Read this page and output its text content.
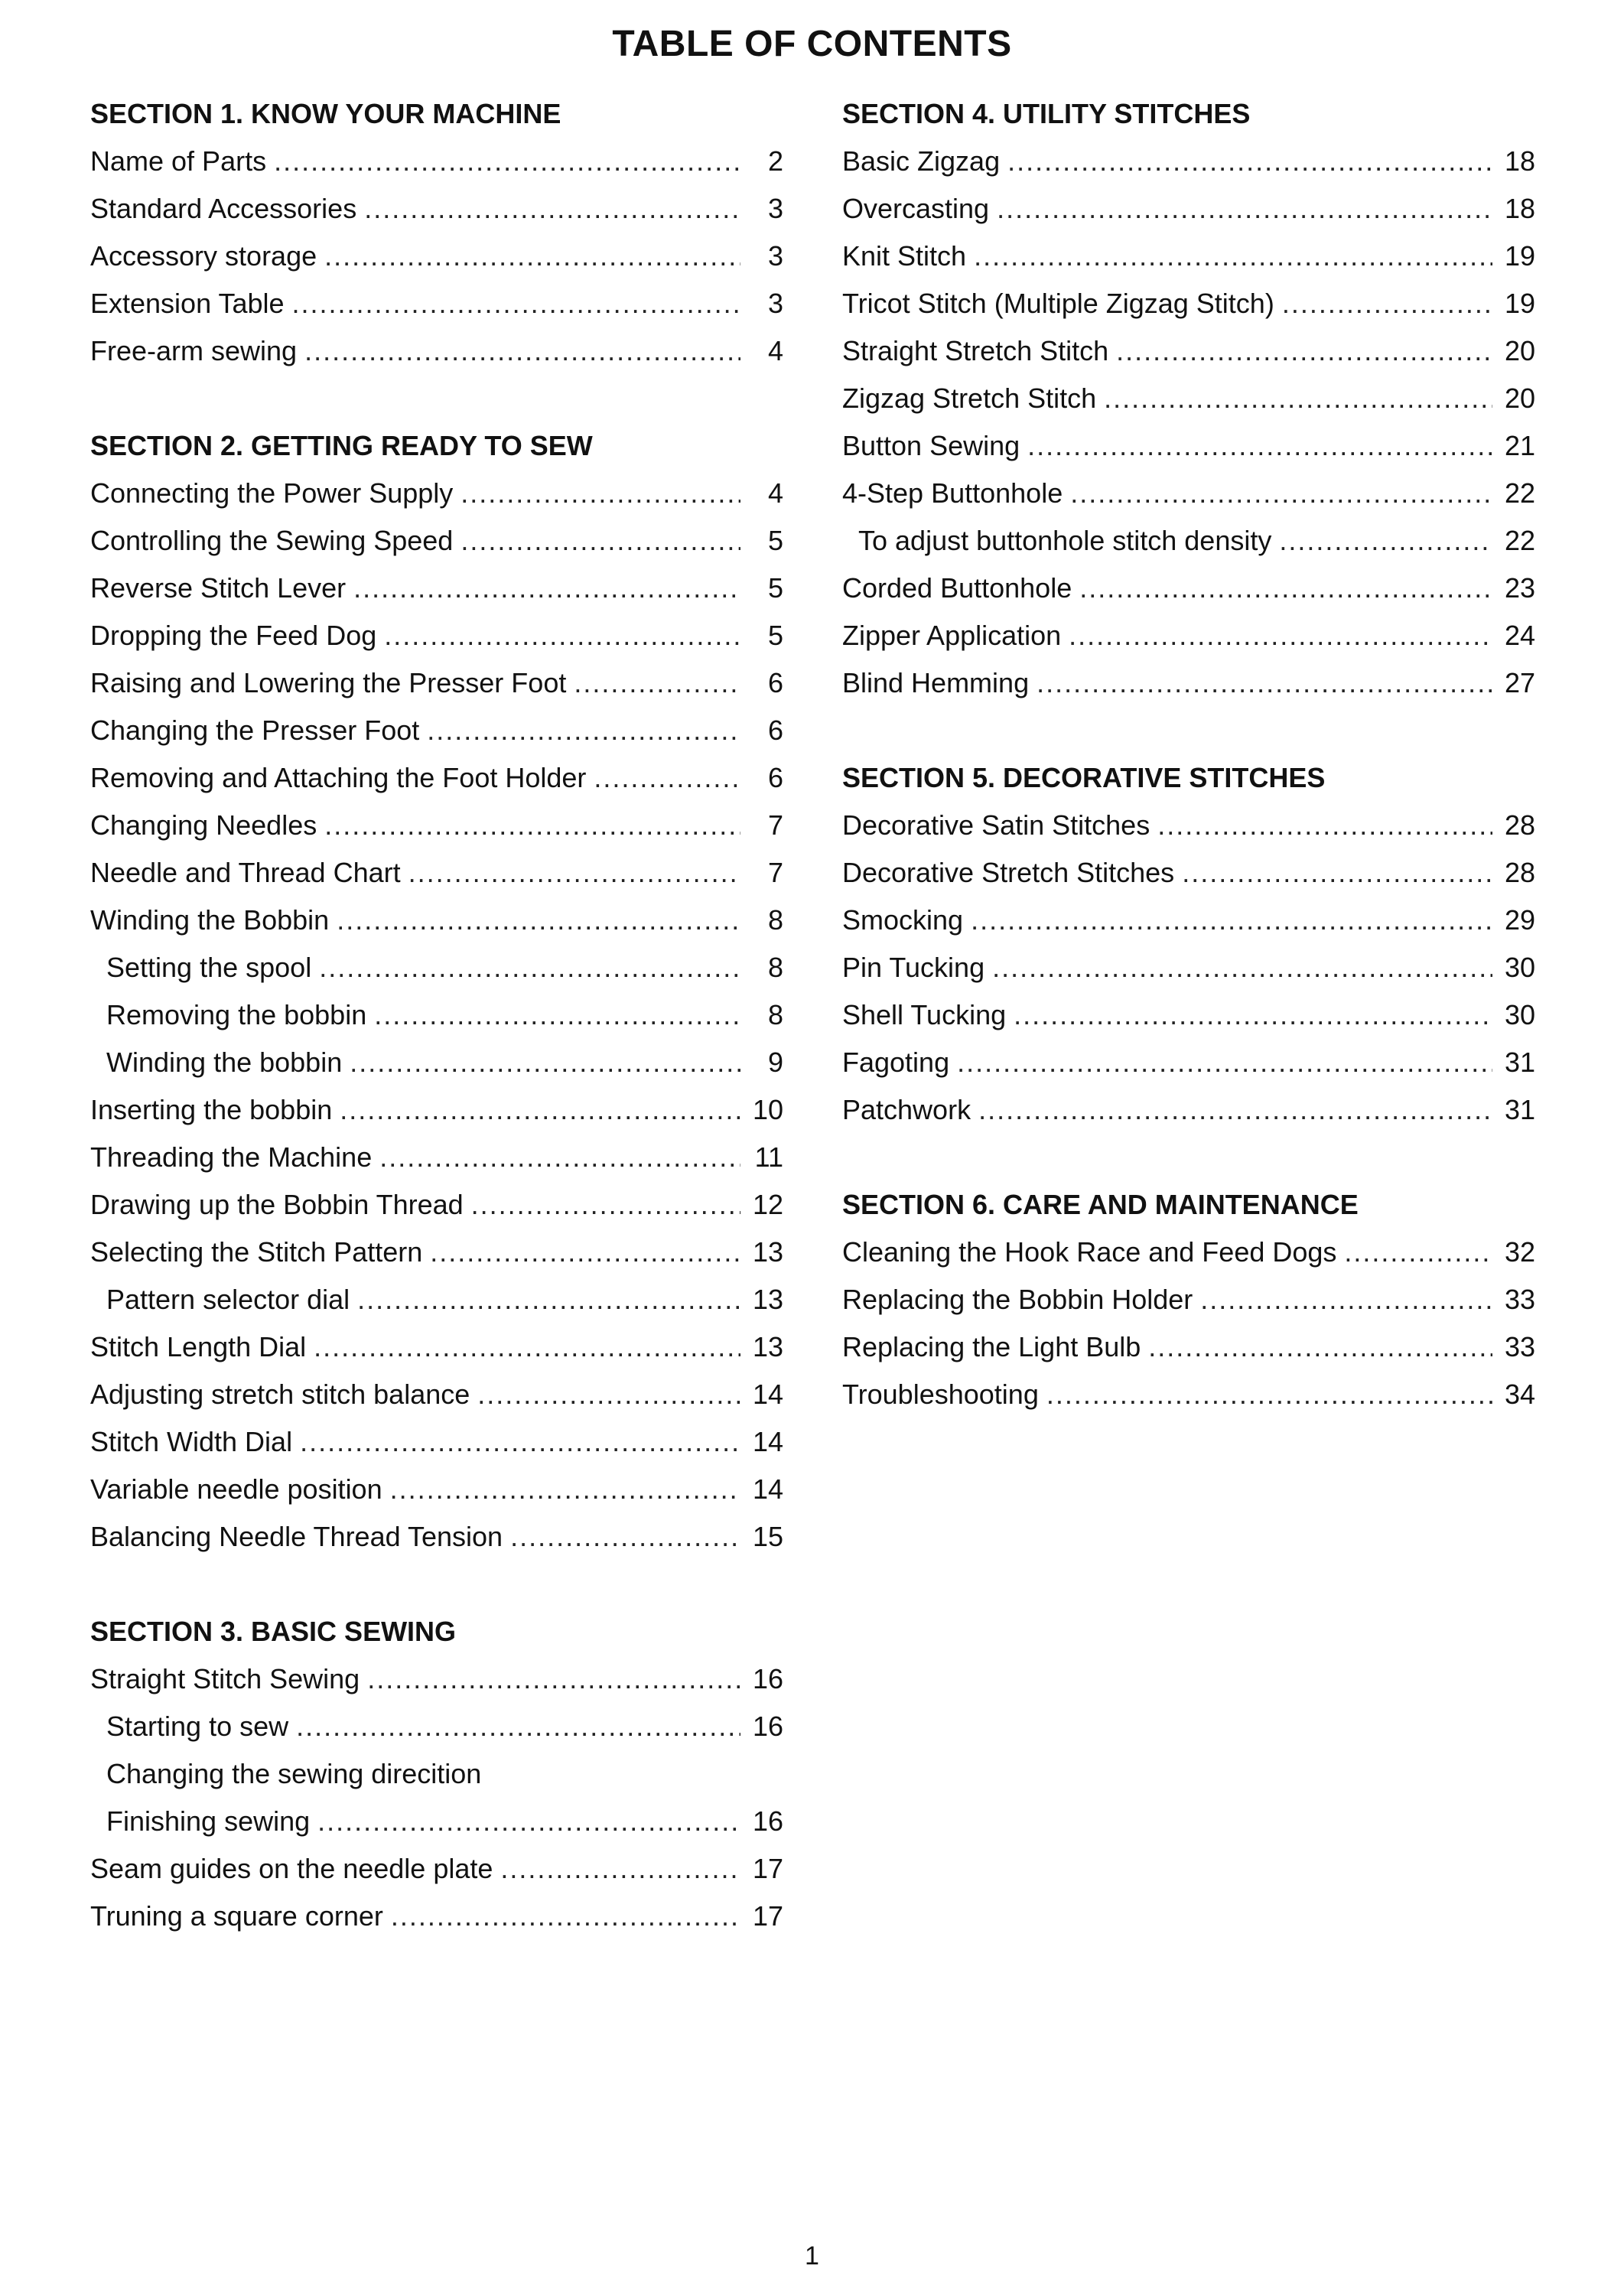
TABLE OF CONTENTS
SECTION 1. KNOW YOUR MACHINE
Name of Parts .....	2
Standard Accessories .....	3
Accessory storage .....	3
Extension Table .....	3
Free-arm sewing .....	4
SECTION 2. GETTING READY TO SEW
Connecting the Power Supply .....	4
Controlling the Sewing Speed .....	5
Reverse Stitch Lever .....	5
Dropping the Feed Dog .....	5
Raising and Lowering the Presser Foot .....	6
Changing the Presser Foot .....	6
Removing and Attaching the Foot Holder .....	6
Changing Needles .....	7
Needle and Thread Chart .....	7
Winding the Bobbin .....	8
Setting the spool .....	8
Removing the bobbin .....	8
Winding the bobbin .....	9
Inserting the bobbin .....	10
Threading the Machine .....	11
Drawing up the Bobbin Thread .....	12
Selecting the Stitch Pattern .....	13
Pattern selector dial .....	13
Stitch Length Dial .....	13
Adjusting stretch stitch balance .....	14
Stitch Width Dial .....	14
Variable needle position .....	14
Balancing Needle Thread Tension .....	15
SECTION 3. BASIC SEWING
Straight Stitch Sewing .....	16
Starting to sew .....	16
Changing the sewing direcition
Finishing sewing .....	16
Seam guides on the needle plate .....	17
Truning a square corner .....	17
SECTION 4. UTILITY STITCHES
Basic Zigzag .....	18
Overcasting .....	18
Knit Stitch .....	19
Tricot Stitch (Multiple Zigzag Stitch) .....	19
Straight Stretch Stitch .....	20
Zigzag Stretch Stitch .....	20
Button Sewing .....	21
4-Step Buttonhole .....	22
To adjust buttonhole stitch density .....	22
Corded Buttonhole .....	23
Zipper Application .....	24
Blind Hemming .....	27
SECTION 5. DECORATIVE STITCHES
Decorative Satin Stitches .....	28
Decorative Stretch Stitches .....	28
Smocking .....	29
Pin Tucking .....	30
Shell Tucking .....	30
Fagoting .....	31
Patchwork .....	31
SECTION 6. CARE AND MAINTENANCE
Cleaning the Hook Race and Feed Dogs .....	32
Replacing the Bobbin Holder .....	33
Replacing the Light Bulb .....	33
Troubleshooting .....	34
1
